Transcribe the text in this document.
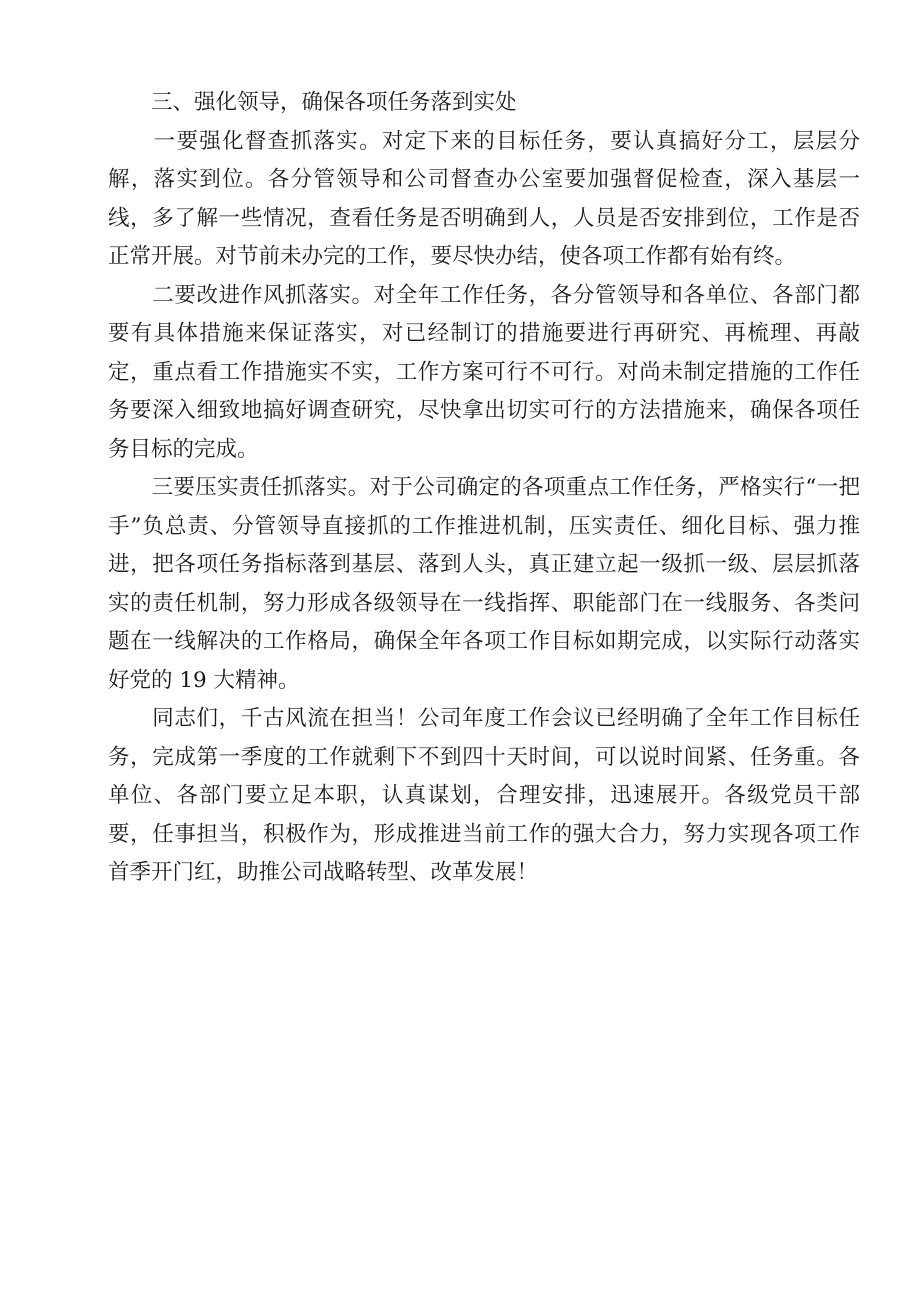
　　三、强化领导，确保各项任务落到实处

　　一要强化督查抓落实。对定下来的目标任务，要认真搞好分工，层层分解，落实到位。各分管领导和公司督查办公室要加强督促检查，深入基层一线，多了解一些情况，查看任务是否明确到人，人员是否安排到位，工作是否正常开展。对节前未办完的工作，要尽快办结，使各项工作都有始有终。

　　二要改进作风抓落实。对全年工作任务，各分管领导和各单位、各部门都要有具体措施来保证落实，对已经制订的措施要进行再研究、再梳理、再敲定，重点看工作措施实不实，工作方案可行不可行。对尚未制定措施的工作任务要深入细致地搞好调查研究，尽快拿出切实可行的方法措施来，确保各项任务目标的完成。

　　三要压实责任抓落实。对于公司确定的各项重点工作任务，严格实行“一把手”负总责、分管领导直接抓的工作推进机制，压实责任、细化目标、强力推进，把各项任务指标落到基层、落到人头，真正建立起一级抓一级、层层抓落实的责任机制，努力形成各级领导在一线指挥、职能部门在一线服务、各类问题在一线解决的工作格局，确保全年各项工作目标如期完成，以实际行动落实好党的 19 大精神。

　　同志们，千古风流在担当！公司年度工作会议已经明确了全年工作目标任务，完成第一季度的工作就剩下不到四十天时间，可以说时间紧、任务重。各单位、各部门要立足本职，认真谋划，合理安排，迅速展开。各级党员干部要，任事担当，积极作为，形成推进当前工作的强大合力，努力实现各项工作首季开门红，助推公司战略转型、改革发展！
